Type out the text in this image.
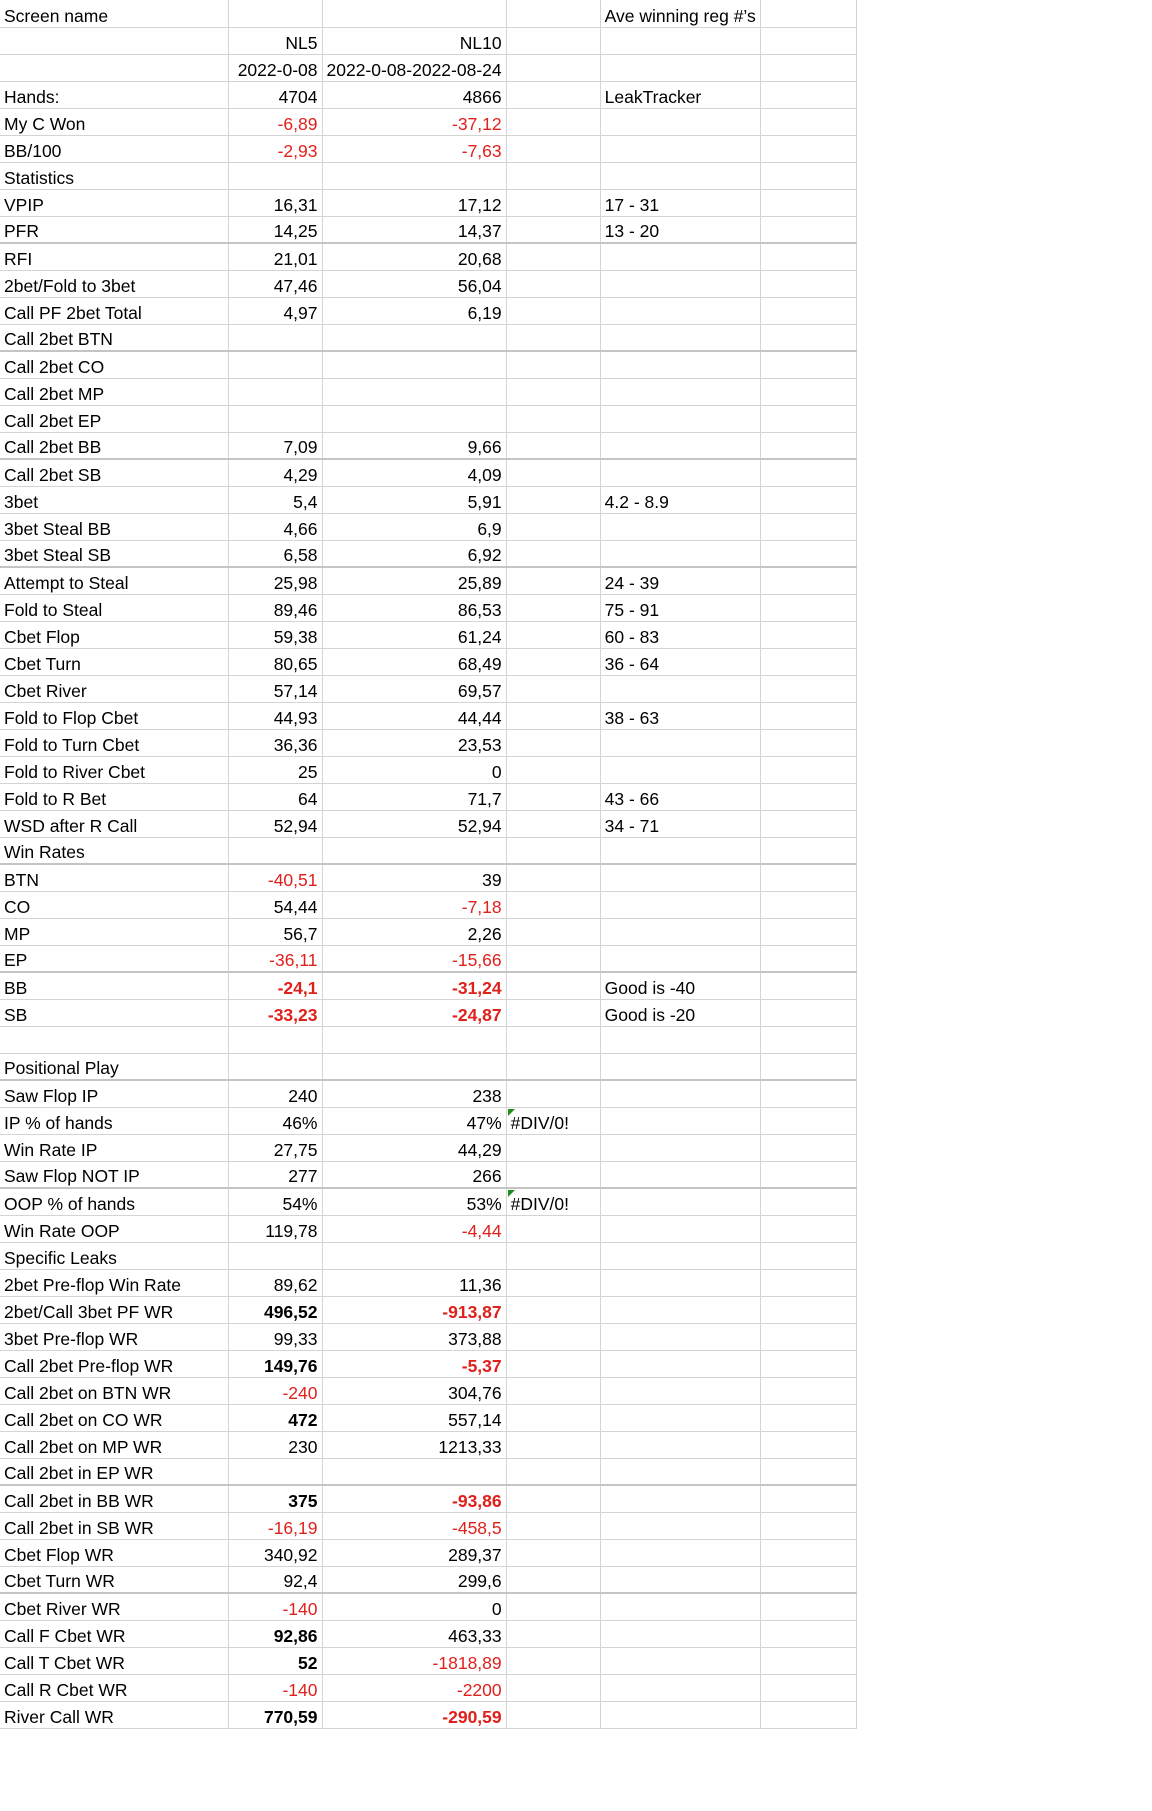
Screen name				Ave winning reg #’s	
	NL5	NL10			
	2022-0-08	2022-0-08-2022-08-24			
Hands:	4704	4866		LeakTracker	
My C Won	-6,89	-37,12			
BB/100	-2,93	-7,63			
Statistics					
VPIP	16,31	17,12		17 - 31	
PFR	14,25	14,37		13 - 20	
RFI	21,01	20,68			
2bet/Fold to 3bet	47,46	56,04			
Call PF 2bet Total	4,97	6,19			
Call 2bet BTN					
Call 2bet CO					
Call 2bet MP					
Call 2bet EP					
Call 2bet BB	7,09	9,66			
Call 2bet SB	4,29	4,09			
3bet	5,4	5,91		4.2 - 8.9	
3bet Steal BB	4,66	6,9			
3bet Steal SB	6,58	6,92			
Attempt to Steal	25,98	25,89		24 - 39	
Fold to Steal	89,46	86,53		75 - 91	
Cbet Flop	59,38	61,24		60 - 83	
Cbet Turn	80,65	68,49		36 - 64	
Cbet River	57,14	69,57			
Fold to Flop Cbet	44,93	44,44		38 - 63	
Fold to Turn Cbet	36,36	23,53			
Fold to River Cbet	25	0			
Fold to R Bet	64	71,7		43 - 66	
WSD after R Call	52,94	52,94		34 - 71	
Win Rates					
BTN	-40,51	39			
CO	54,44	-7,18			
MP	56,7	2,26			
EP	-36,11	-15,66			
BB	-24,1	-31,24		Good is -40	
SB	-33,23	-24,87		Good is -20	

Positional Play					
Saw Flop IP	240	238			
IP % of hands	46%	47%	#DIV/0!		
Win Rate IP	27,75	44,29			
Saw Flop NOT IP	277	266			
OOP % of hands	54%	53%	#DIV/0!		
Win Rate OOP	119,78	-4,44			
Specific Leaks					
2bet Pre-flop Win Rate	89,62	11,36			
2bet/Call 3bet PF WR	496,52	-913,87			
3bet Pre-flop WR	99,33	373,88			
Call 2bet Pre-flop WR	149,76	-5,37			
Call 2bet on BTN WR	-240	304,76			
Call 2bet on CO WR	472	557,14			
Call 2bet on MP WR	230	1213,33			
Call 2bet in EP WR					
Call 2bet in BB WR	375	-93,86			
Call 2bet in SB WR	-16,19	-458,5			
Cbet Flop WR	340,92	289,37			
Cbet Turn WR	92,4	299,6			
Cbet River WR	-140	0			
Call F Cbet WR	92,86	463,33			
Call T Cbet WR	52	-1818,89			
Call R Cbet WR	-140	-2200			
River Call WR	770,59	-290,59			
